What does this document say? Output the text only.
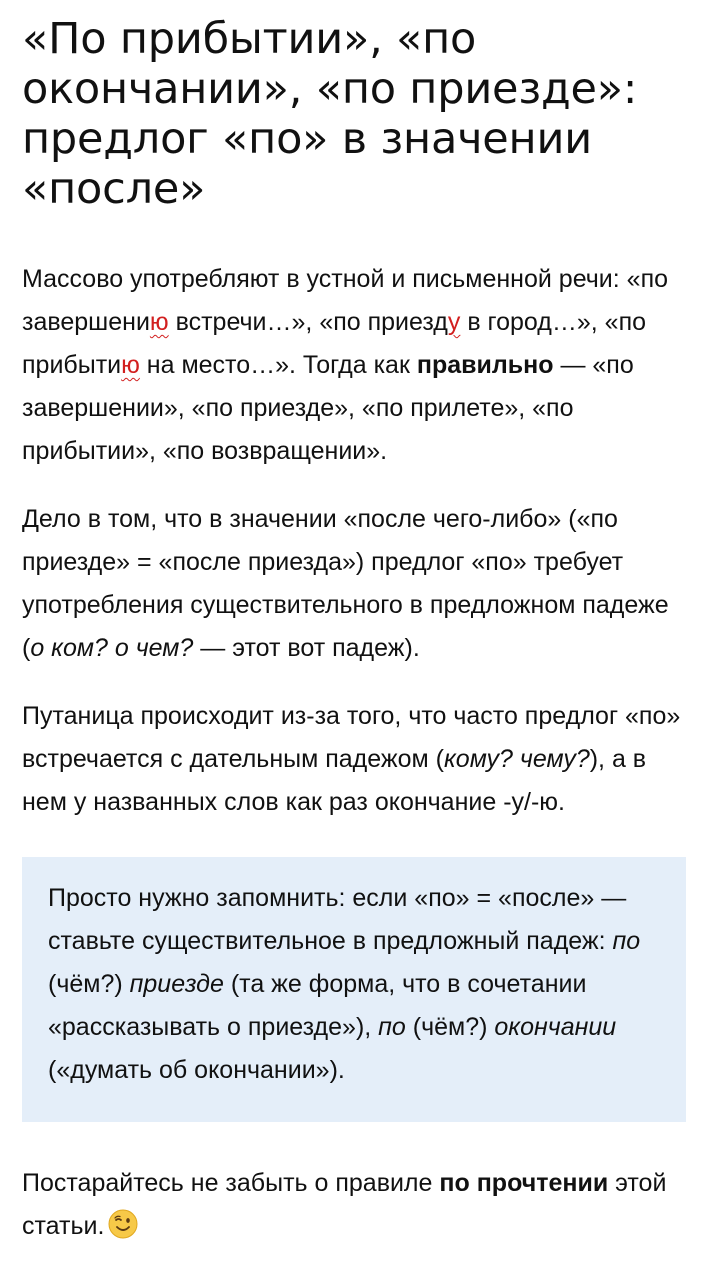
«По прибытии», «по окончании», «по приезде»: предлог «по» в значении «после»

Массово употребляют в устной и письменной речи: «по завершению встречи…», «по приезду в город…», «по прибытию на место…». Тогда как правильно — «по завершении», «по приезде», «по прилете», «по прибытии», «по возвращении».

Дело в том, что в значении «после чего-либо» («по приезде» = «после приезда») предлог «по» требует употребления существительного в предложном падеже (о ком? о чем? — этот вот падеж).

Путаница происходит из-за того, что часто предлог «по» встречается с дательным падежом (кому? чему?), а в нем у названных слов как раз окончание -у/-ю.

Просто нужно запомнить: если «по» = «после» — ставьте существительное в предложный падеж: по (чём?) приезде (та же форма, что в сочетании «рассказывать о приезде»), по (чём?) окончании («думать об окончании»).

Постарайтесь не забыть о правиле по прочтении этой статьи.
